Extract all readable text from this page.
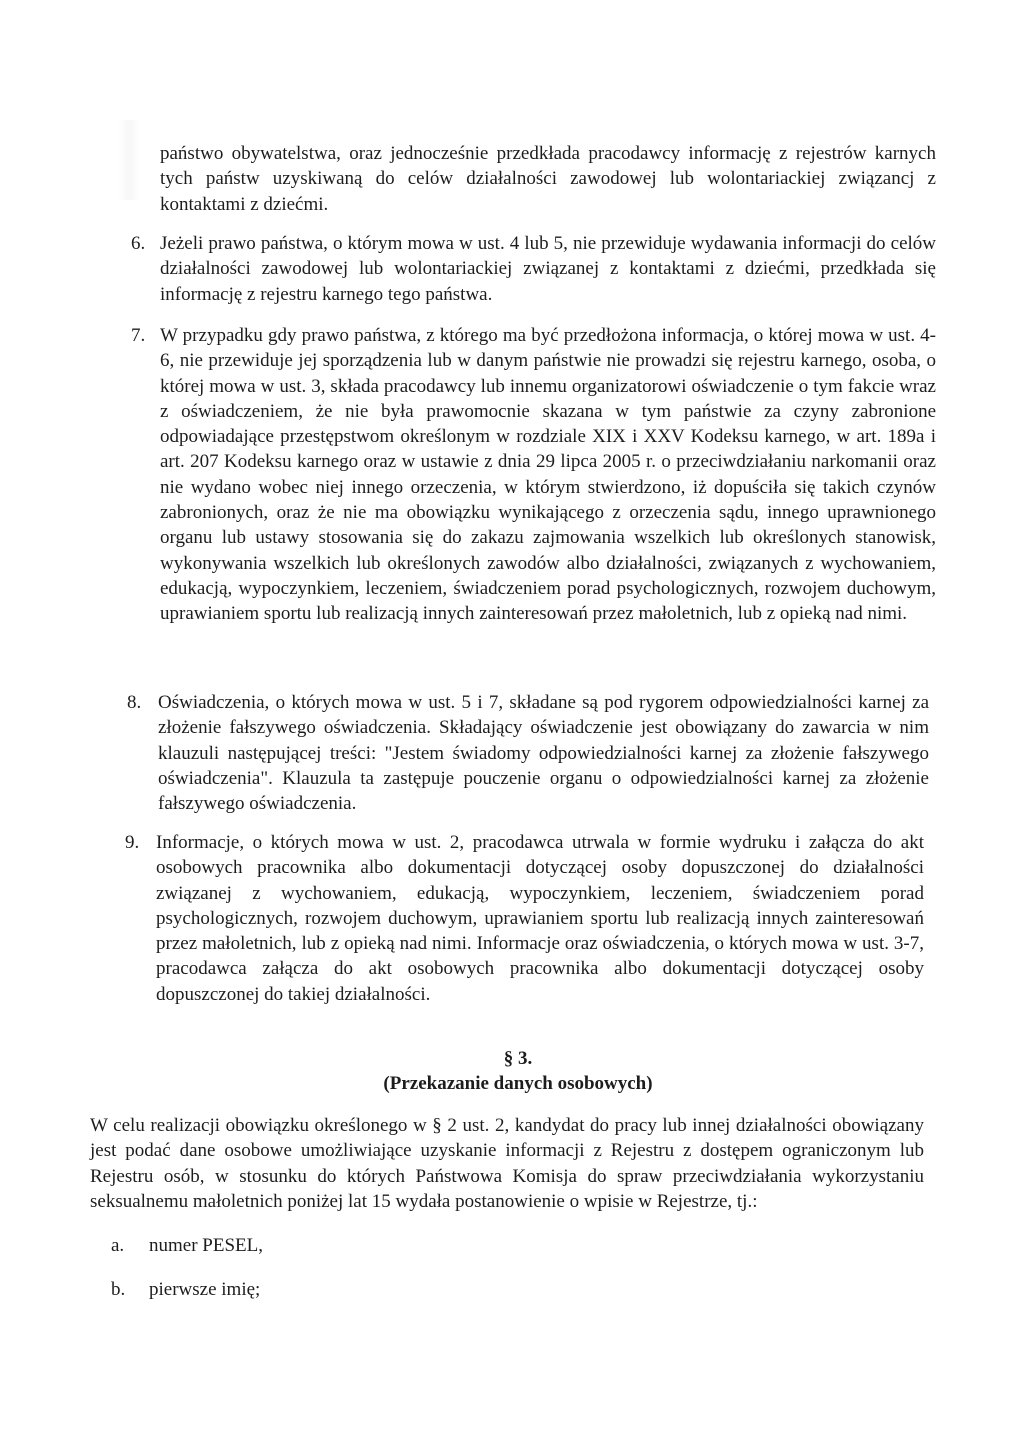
państwo obywatelstwa, oraz jednocześnie przedkłada pracodawcy informację z rejestrów karnych tych państw uzyskiwaną do celów działalności zawodowej lub wolontariackiej związancj z kontaktami z dziećmi.
6. Jeżeli prawo państwa, o którym mowa w ust. 4 lub 5, nie przewiduje wydawania informacji do celów działalności zawodowej lub wolontariackiej związanej z kontaktami z dziećmi, przedkłada się informację z rejestru karnego tego państwa.
7. W przypadku gdy prawo państwa, z którego ma być przedłożona informacja, o której mowa w ust. 4-6, nie przewiduje jej sporządzenia lub w danym państwie nie prowadzi się rejestru karnego, osoba, o której mowa w ust. 3, składa pracodawcy lub innemu organizatorowi oświadczenie o tym fakcie wraz z oświadczeniem, że nie była prawomocnie skazana w tym państwie za czyny zabronione odpowiadające przestępstwom określonym w rozdziale XIX i XXV Kodeksu karnego, w art. 189a i art. 207 Kodeksu karnego oraz w ustawie z dnia 29 lipca 2005 r. o przeciwdziałaniu narkomanii oraz nie wydano wobec niej innego orzeczenia, w którym stwierdzono, iż dopuściła się takich czynów zabronionych, oraz że nie ma obowiązku wynikającego z orzeczenia sądu, innego uprawnionego organu lub ustawy stosowania się do zakazu zajmowania wszelkich lub określonych stanowisk, wykonywania wszelkich lub określonych zawodów albo działalności, związanych z wychowaniem, edukacją, wypoczynkiem, leczeniem, świadczeniem porad psychologicznych, rozwojem duchowym, uprawianiem sportu lub realizacją innych zainteresowań przez małoletnich, lub z opieką nad nimi.
8. Oświadczenia, o których mowa w ust. 5 i 7, składane są pod rygorem odpowiedzialności karnej za złożenie fałszywego oświadczenia. Składający oświadczenie jest obowiązany do zawarcia w nim klauzuli następującej treści: "Jestem świadomy odpowiedzialności karnej za złożenie fałszywego oświadczenia". Klauzula ta zastępuje pouczenie organu o odpowiedzialności karnej za złożenie fałszywego oświadczenia.
9. Informacje, o których mowa w ust. 2, pracodawca utrwala w formie wydruku i załącza do akt osobowych pracownika albo dokumentacji dotyczącej osoby dopuszczonej do działalności związanej z wychowaniem, edukacją, wypoczynkiem, leczeniem, świadczeniem porad psychologicznych, rozwojem duchowym, uprawianiem sportu lub realizacją innych zainteresowań przez małoletnich, lub z opieką nad nimi. Informacje oraz oświadczenia, o których mowa w ust. 3-7, pracodawca załącza do akt osobowych pracownika albo dokumentacji dotyczącej osoby dopuszczonej do takiej działalności.
§ 3.
(Przekazanie danych osobowych)
W celu realizacji obowiązku określonego w § 2 ust. 2, kandydat do pracy lub innej działalności obowiązany jest podać dane osobowe umożliwiające uzyskanie informacji z Rejestru z dostępem ograniczonym lub Rejestru osób, w stosunku do których Państwowa Komisja do spraw przeciwdziałania wykorzystaniu seksualnemu małoletnich poniżej lat 15 wydała postanowienie o wpisie w Rejestrze, tj.:
a. numer PESEL,
b. pierwsze imię;
